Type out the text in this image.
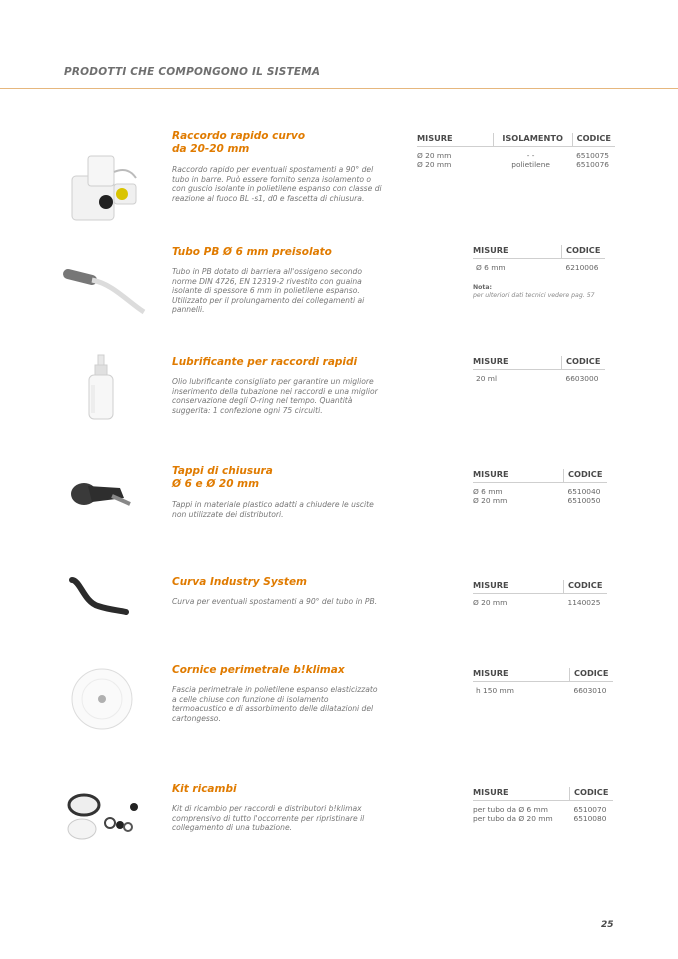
PRODOTTI CHE COMPONGONO IL SISTEMA
Raccordo rapido curvo
da 20-20 mm
Raccordo rapido per eventuali spostamenti a 90° del tubo in barre. Può essere fornito senza isolamento o con guscio isolante in polietilene espanso con classe di reazione al fuoco BL -s1, d0 e fascetta di chiusura.
MISURE	ISOLAMENTO	CODICE
Ø 20 mm	- -	6510075
Ø 20 mm	polietilene	6510076
Tubo PB Ø 6 mm preisolato
Tubo in PB dotato di barriera all'ossigeno secondo norme DIN 4726, EN 12319-2 rivestito con guaina isolante di spessore 6 mm in polietilene espanso. Utilizzato per il prolungamento dei collegamenti ai pannelli.
MISURE	CODICE
Ø 6 mm	6210006
Nota:
per ulteriori dati tecnici vedere pag. 57
Lubrificante per raccordi rapidi
Olio lubrificante consigliato per garantire un migliore inserimento della tubazione nei raccordi e una miglior conservazione degli O-ring nel tempo. Quantità suggerita: 1 confezione ogni 75 circuiti.
MISURE	CODICE
20 ml	6603000
Tappi di chiusura
Ø 6 e Ø 20 mm
Tappi in materiale plastico adatti a chiudere le uscite non utilizzate dei distributori.
MISURE	CODICE
Ø 6 mm	6510040
Ø 20 mm	6510050
Curva Industry System
Curva per eventuali spostamenti a 90° del tubo in PB.
MISURE	CODICE
Ø 20 mm	1140025
Cornice perimetrale b!klimax
Fascia perimetrale in polietilene espanso elasticizzato a celle chiuse con funzione di isolamento termoacustico e di assorbimento delle dilatazioni del cartongesso.
MISURE	CODICE
h 150 mm	6603010
Kit ricambi
Kit di ricambio per raccordi e distributori b!klimax comprensivo di tutto l'occorrente per ripristinare il collegamento di una tubazione.
MISURE	CODICE
per tubo da Ø 6 mm	6510070
per tubo da Ø 20 mm	6510080
25
